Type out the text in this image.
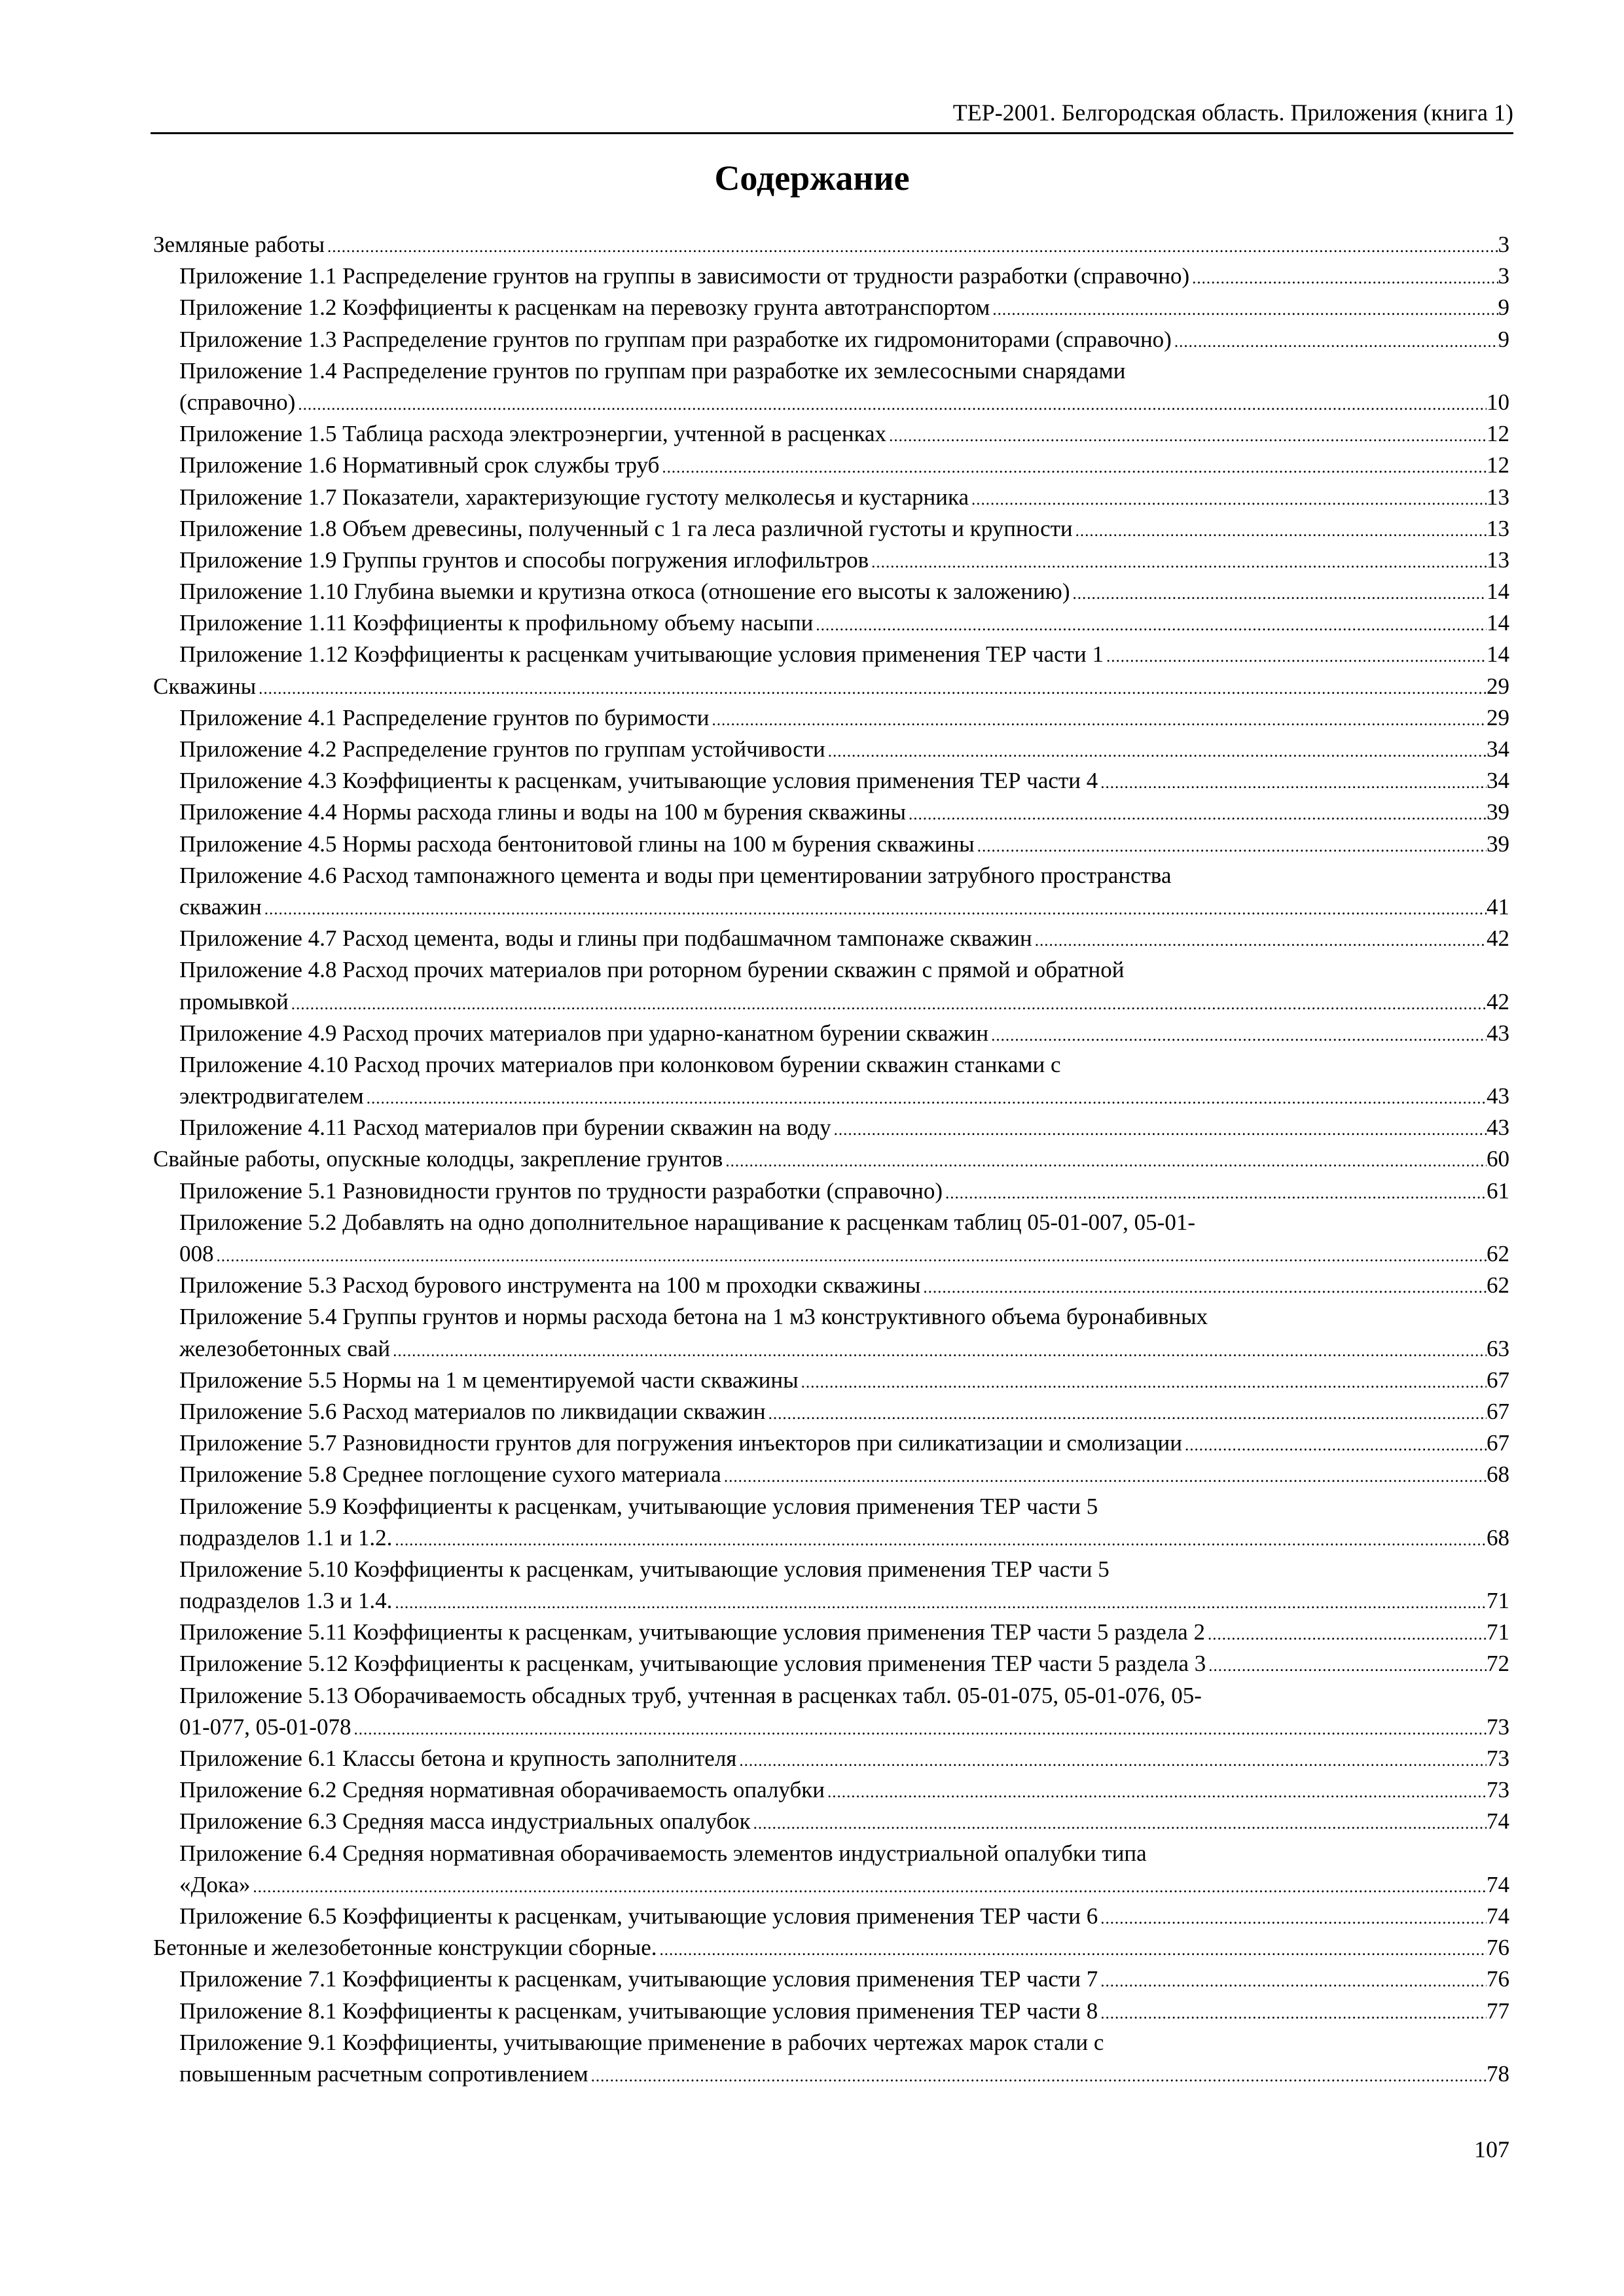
ТЕР-2001. Белгородская область. Приложения (книга 1)
Содержание
Земляные работы .....	3
Приложение 1.1 Распределение грунтов на группы в зависимости от трудности разработки (справочно) .....	3
Приложение 1.2 Коэффициенты к расценкам на перевозку грунта автотранспортом .....	9
Приложение 1.3 Распределение грунтов по группам при разработке их гидромониторами (справочно) .....	9
Приложение 1.4 Распределение грунтов по группам при разработке их землесосными снарядами
(справочно) .....	10
Приложение 1.5 Таблица расхода электроэнергии, учтенной в расценках .....	12
Приложение 1.6 Нормативный срок службы труб .....	12
Приложение 1.7 Показатели, характеризующие густоту мелколесья и кустарника .....	13
Приложение 1.8 Объем древесины, полученный с 1 га леса различной густоты и крупности .....	13
Приложение 1.9 Группы грунтов и способы погружения иглофильтров .....	13
Приложение 1.10 Глубина выемки и крутизна откоса (отношение его высоты к заложению) .....	14
Приложение 1.11 Коэффициенты к профильному объему насыпи .....	14
Приложение 1.12 Коэффициенты к расценкам учитывающие условия применения ТЕР части 1 .....	14
Скважины .....	29
Приложение 4.1 Распределение грунтов по буримости .....	29
Приложение 4.2 Распределение грунтов по группам устойчивости .....	34
Приложение 4.3 Коэффициенты к расценкам, учитывающие условия применения ТЕР части 4 .....	34
Приложение 4.4 Нормы расхода глины и воды на 100 м бурения скважины .....	39
Приложение 4.5 Нормы расхода бентонитовой глины на 100 м бурения скважины .....	39
Приложение 4.6 Расход тампонажного цемента и воды при цементировании затрубного пространства
скважин .....	41
Приложение 4.7 Расход цемента, воды и глины при подбашмачном тампонаже скважин .....	42
Приложение 4.8 Расход прочих материалов при роторном бурении скважин с прямой и обратной
промывкой .....	42
Приложение 4.9 Расход прочих материалов при ударно-канатном бурении скважин .....	43
Приложение 4.10 Расход прочих материалов при колонковом бурении скважин станками с
электродвигателем .....	43
Приложение 4.11 Расход материалов при бурении скважин на воду .....	43
Свайные работы, опускные колодцы, закрепление грунтов .....	60
Приложение 5.1 Разновидности грунтов по трудности разработки (справочно) .....	61
Приложение 5.2 Добавлять на одно дополнительное наращивание к расценкам таблиц 05-01-007, 05-01-
008 .....	62
Приложение 5.3 Расход бурового инструмента на 100 м проходки скважины .....	62
Приложение 5.4 Группы грунтов и нормы расхода бетона на 1 м3 конструктивного объема буронабивных
железобетонных свай .....	63
Приложение 5.5 Нормы на 1 м цементируемой части скважины .....	67
Приложение 5.6 Расход материалов по ликвидации скважин .....	67
Приложение 5.7 Разновидности грунтов для погружения инъекторов при силикатизации и смолизации .....	67
Приложение 5.8 Среднее поглощение сухого материала .....	68
Приложение 5.9 Коэффициенты к расценкам, учитывающие условия применения ТЕР части 5
подразделов 1.1 и 1.2. .....	68
Приложение 5.10 Коэффициенты к расценкам, учитывающие условия применения ТЕР части 5
подразделов 1.3 и 1.4. .....	71
Приложение 5.11 Коэффициенты к расценкам, учитывающие условия применения ТЕР части 5 раздела 2 .....	71
Приложение 5.12 Коэффициенты к расценкам, учитывающие условия применения ТЕР части 5 раздела 3 .....	72
Приложение 5.13 Оборачиваемость обсадных труб, учтенная в расценках табл. 05-01-075, 05-01-076, 05-
01-077, 05-01-078 .....	73
Приложение 6.1 Классы бетона и крупность заполнителя .....	73
Приложение 6.2 Средняя нормативная оборачиваемость опалубки .....	73
Приложение 6.3 Средняя масса индустриальных опалубок .....	74
Приложение 6.4 Средняя нормативная оборачиваемость элементов индустриальной опалубки типа
«Дока» .....	74
Приложение 6.5 Коэффициенты к расценкам, учитывающие условия применения ТЕР части 6 .....	74
Бетонные и железобетонные конструкции сборные. .....	76
Приложение 7.1 Коэффициенты к расценкам, учитывающие условия применения ТЕР части 7 .....	76
Приложение 8.1 Коэффициенты к расценкам, учитывающие условия применения ТЕР части 8 .....	77
Приложение 9.1 Коэффициенты, учитывающие применение в рабочих чертежах марок стали с
повышенным расчетным сопротивлением .....	78
107
